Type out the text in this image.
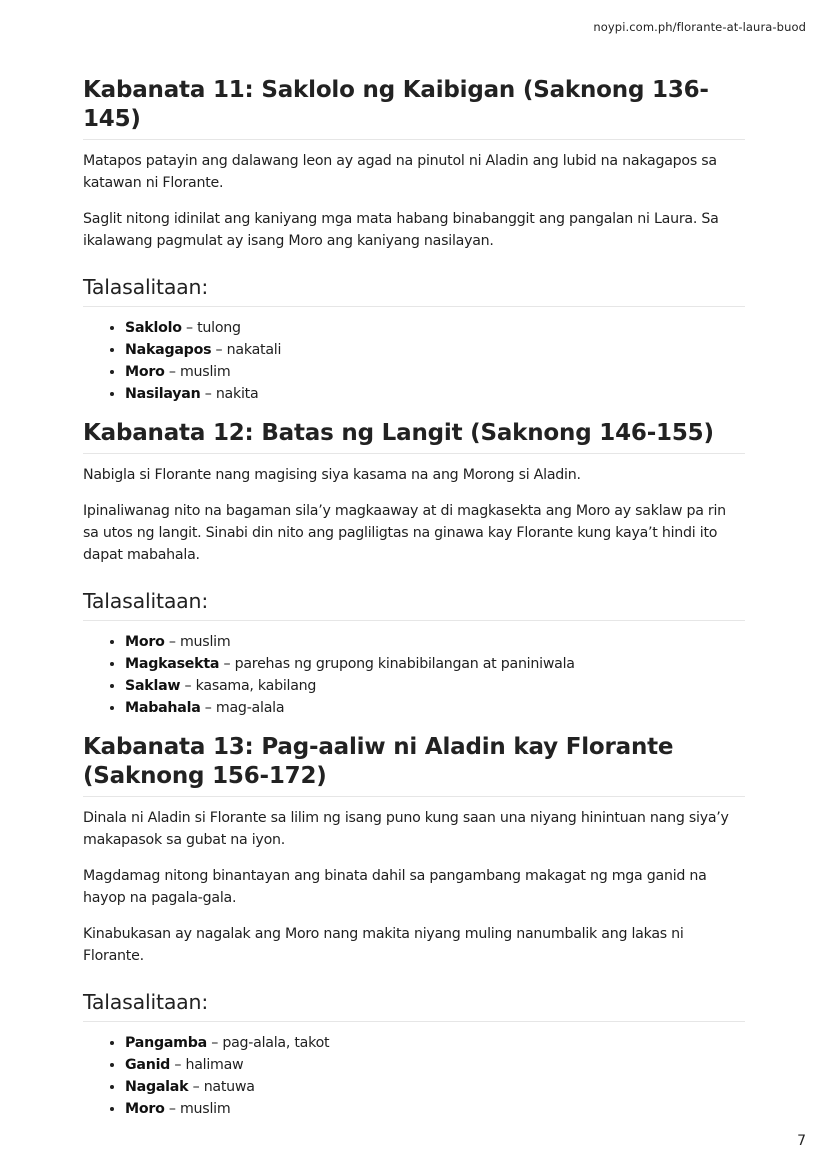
noypi.com.ph/florante-at-laura-buod
Kabanata 11: Saklolo ng Kaibigan (Saknong 136-145)

Matapos patayin ang dalawang leon ay agad na pinutol ni Aladin ang lubid na nakagapos sa katawan ni Florante.

Saglit nitong idinilat ang kaniyang mga mata habang binabanggit ang pangalan ni Laura. Sa ikalawang pagmulat ay isang Moro ang kaniyang nasilayan.

Talasalitaan:
• Saklolo – tulong
• Nakagapos – nakatali
• Moro – muslim
• Nasilayan – nakita
Kabanata 12: Batas ng Langit (Saknong 146-155)

Nabigla si Florante nang magising siya kasama na ang Morong si Aladin.

Ipinaliwanag nito na bagaman sila’y magkaaway at di magkasekta ang Moro ay saklaw pa rin sa utos ng langit. Sinabi din nito ang pagliligtas na ginawa kay Florante kung kaya’t hindi ito dapat mabahala.

Talasalitaan:
• Moro – muslim
• Magkasekta – parehas ng grupong kinabibilangan at paniniwala
• Saklaw – kasama, kabilang
• Mabahala – mag-alala
Kabanata 13: Pag-aaliw ni Aladin kay Florante (Saknong 156-172)

Dinala ni Aladin si Florante sa lilim ng isang puno kung saan una niyang hinintuan nang siya’y makapasok sa gubat na iyon.

Magdamag nitong binantayan ang binata dahil sa pangambang makagat ng mga ganid na hayop na pagala-gala.

Kinabukasan ay nagalak ang Moro nang makita niyang muling nanumbalik ang lakas ni Florante.

Talasalitaan:
• Pangamba – pag-alala, takot
• Ganid – halimaw
• Nagalak – natuwa
• Moro – muslim
7
